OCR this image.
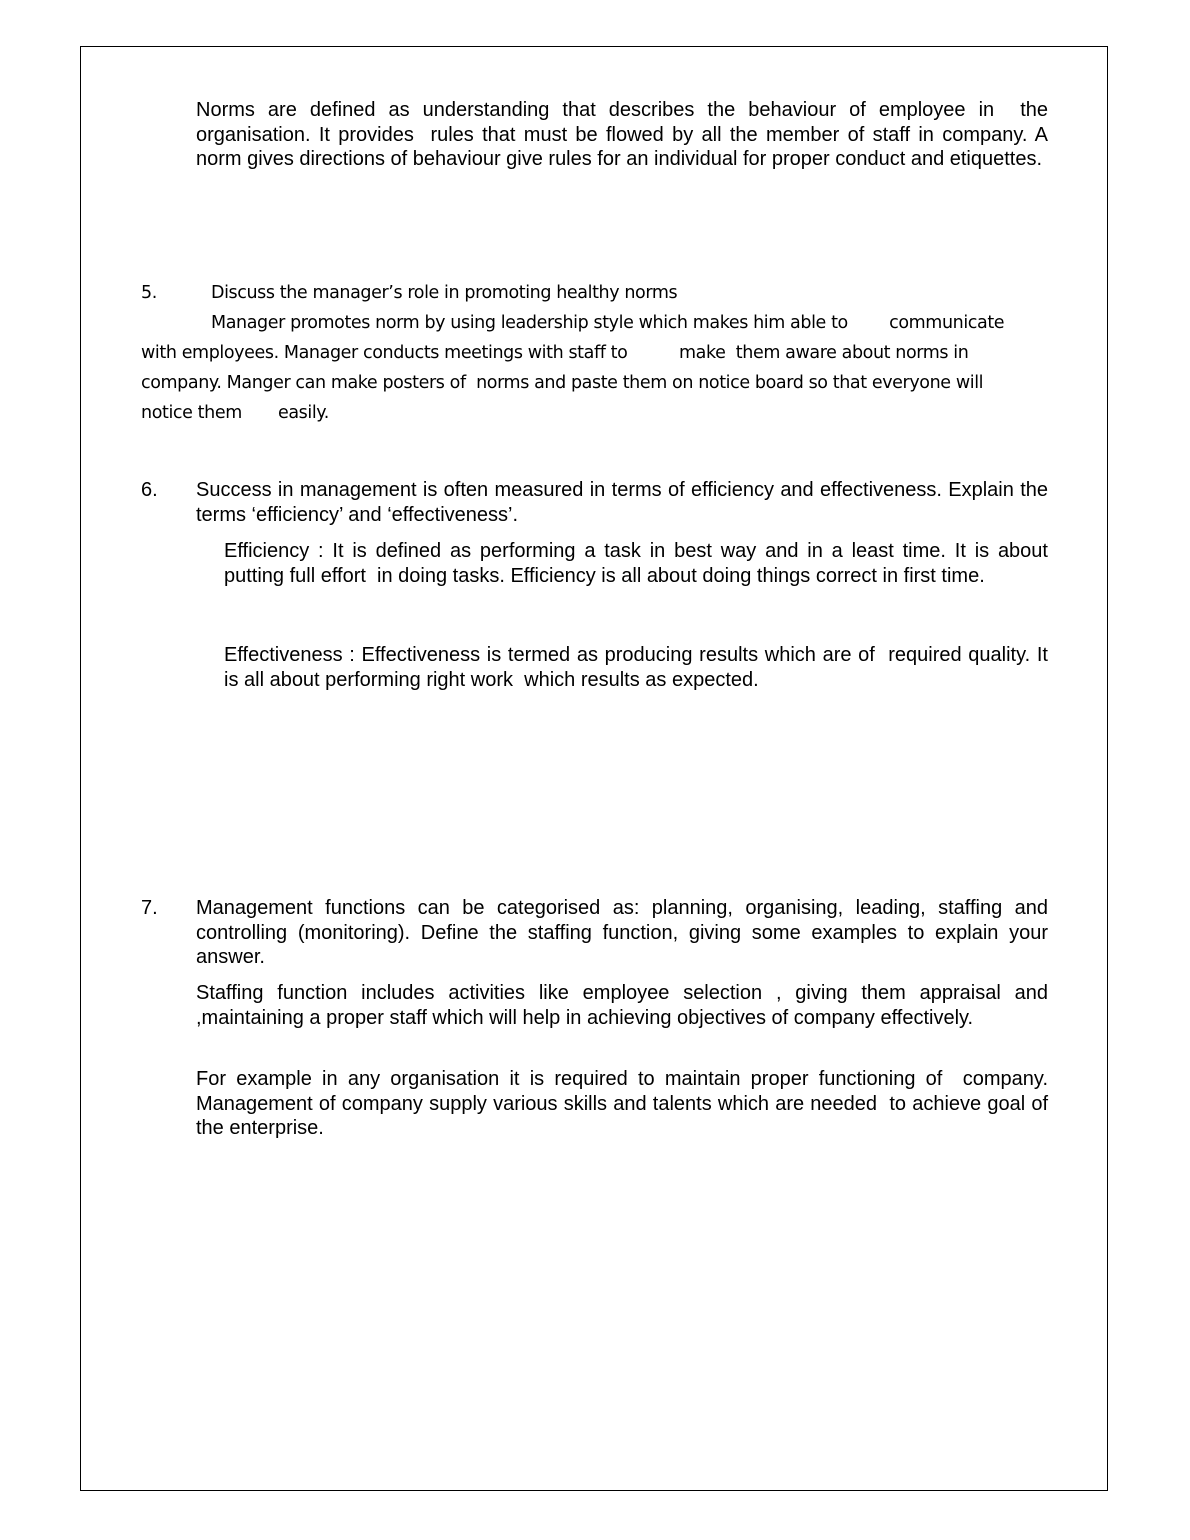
Norms are defined as understanding that describes the behaviour of employee in  the organisation. It provides  rules that must be flowed by all the member of staff in company. A norm gives directions of behaviour give rules for an individual for proper conduct and etiquettes.

5.	Discuss the manager’s role in promoting healthy norms

Manager promotes norm by using leadership style which makes him able to        communicate

with employees. Manager conducts meetings with staff to          make  them aware about norms in

company. Manger can make posters of  norms and paste them on notice board so that everyone will

notice them       easily.

6. Success in management is often measured in terms of efficiency and effectiveness. Explain the terms ‘efficiency’ and ‘effectiveness’.

Efficiency : It is defined as performing a task in best way and in a least time. It is about putting full effort  in doing tasks. Efficiency is all about doing things correct in first time.

Effectiveness : Effectiveness is termed as producing results which are of  required quality. It is all about performing right work  which results as expected.

7. Management functions can be categorised as: planning, organising, leading, staffing and controlling (monitoring). Define the staffing function, giving some examples to explain your answer.

Staffing function includes activities like employee selection , giving them appraisal and ,maintaining a proper staff which will help in achieving objectives of company effectively.

For example in any organisation it is required to maintain proper functioning of  company. Management of company supply various skills and talents which are needed  to achieve goal of the enterprise.
